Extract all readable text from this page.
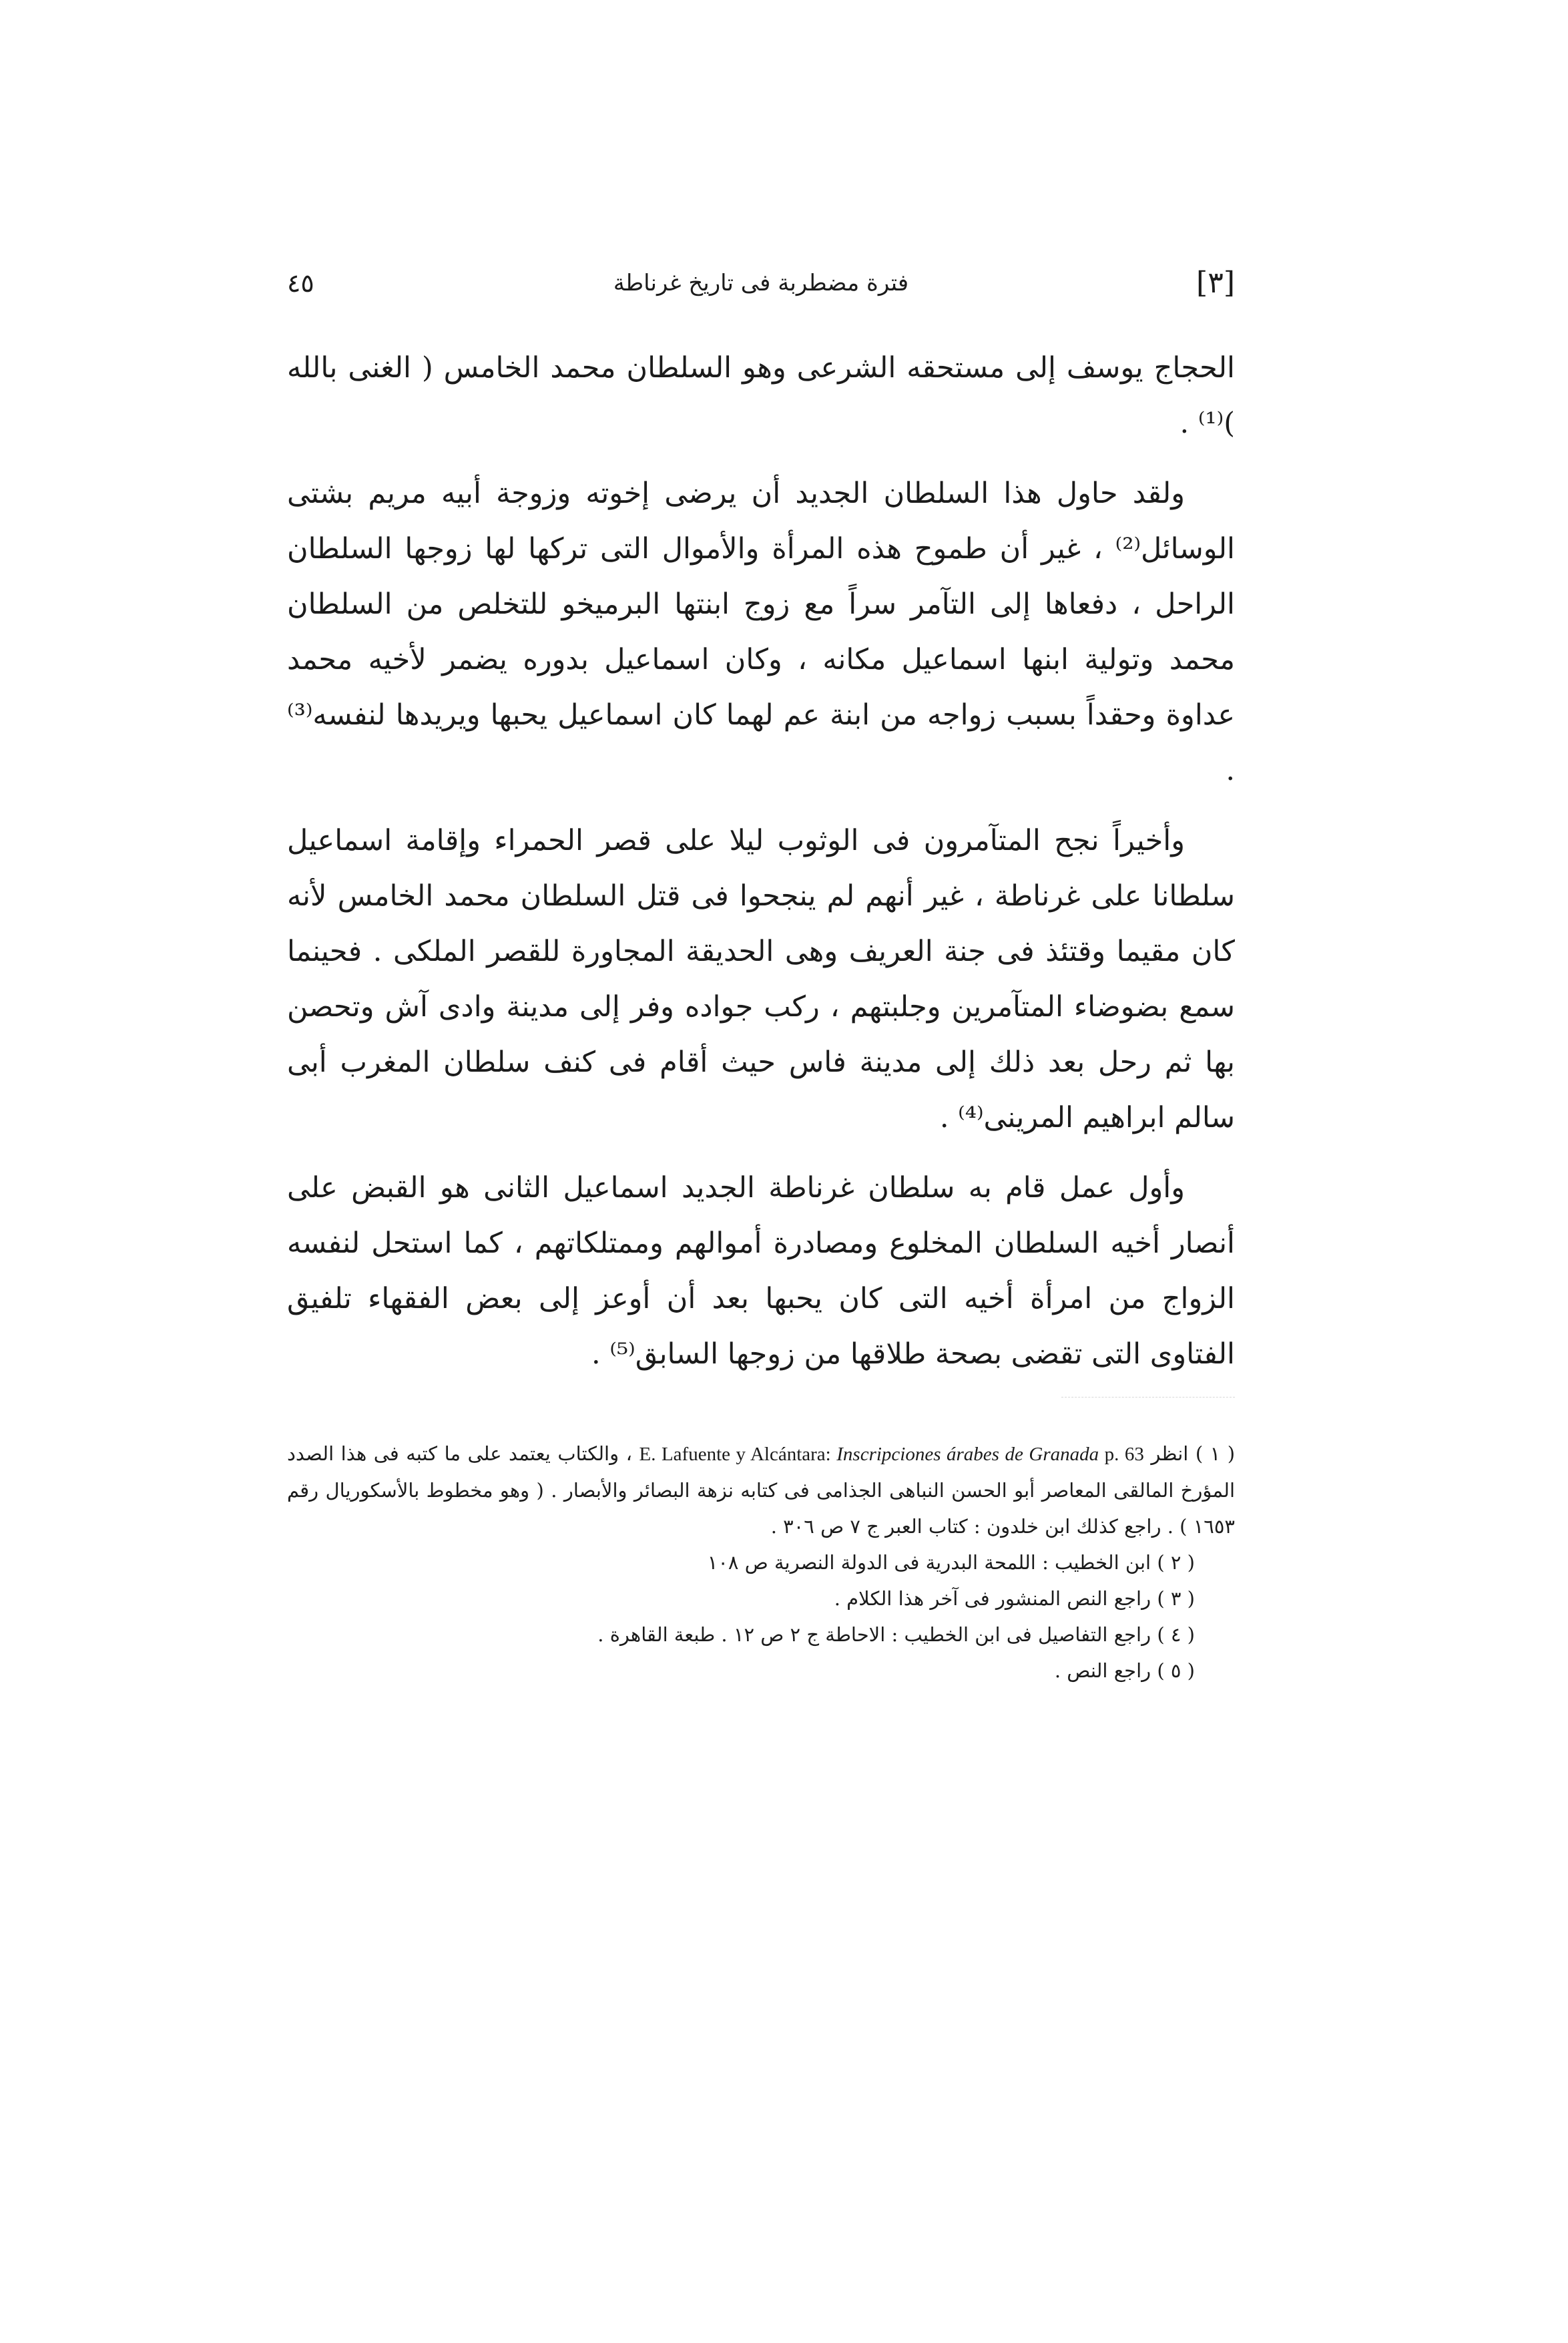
[٣]
فترة مضطربة فى تاريخ غرناطة
٤٥

الحجاج يوسف إلى مستحقه الشرعى وهو السلطان محمد الخامس ( الغنى بالله )⁽¹⁾ .

ولقد حاول هذا السلطان الجديد أن يرضى إخوته وزوجة أبيه مريم بشتى الوسائل⁽²⁾ ، غير أن طموح هذه المرأة والأموال التى تركها لها زوجها السلطان الراحل ، دفعاها إلى التآمر سراً مع زوج ابنتها البرميخو للتخلص من السلطان محمد وتولية ابنها اسماعيل مكانه ، وكان اسماعيل بدوره يضمر لأخيه محمد عداوة وحقداً بسبب زواجه من ابنة عم لهما كان اسماعيل يحبها ويريدها لنفسه⁽³⁾ .

وأخيراً نجح المتآمرون فى الوثوب ليلا على قصر الحمراء وإقامة اسماعيل سلطانا على غرناطة ، غير أنهم لم ينجحوا فى قتل السلطان محمد الخامس لأنه كان مقيما وقتئذ فى جنة العريف وهى الحديقة المجاورة للقصر الملكى . فحينما سمع بضوضاء المتآمرين وجلبتهم ، ركب جواده وفر إلى مدينة وادى آش وتحصن بها ثم رحل بعد ذلك إلى مدينة فاس حيث أقام فى كنف سلطان المغرب أبى سالم ابراهيم المرينى⁽⁴⁾ .

وأول عمل قام به سلطان غرناطة الجديد اسماعيل الثانى هو القبض على أنصار أخيه السلطان المخلوع ومصادرة أموالهم وممتلكاتهم ، كما استحل لنفسه الزواج من امرأة أخيه التى كان يحبها بعد أن أوعز إلى بعض الفقهاء تلفيق الفتاوى التى تقضى بصحة طلاقها من زوجها السابق⁽⁵⁾ .

( ١ ) انظر E. Lafuente y Alcántara: Inscripciones árabes de Granada p. 63 ، والكتاب يعتمد على ما كتبه فى هذا الصدد المؤرخ المالقى المعاصر أبو الحسن النباهى الجذامى فى كتابه نزهة البصائر والأبصار . ( وهو مخطوط بالأسكوريال رقم ١٦٥٣ ) . راجع كذلك ابن خلدون : كتاب العبر ج ٧ ص ٣٠٦ .

( ٢ ) ابن الخطيب : اللمحة البدرية فى الدولة النصرية ص ١٠٨

( ٣ ) راجع النص المنشور فى آخر هذا الكلام .

( ٤ ) راجع التفاصيل فى ابن الخطيب : الاحاطة ج ٢ ص ١٢ . طبعة القاهرة .

( ٥ ) راجع النص .
